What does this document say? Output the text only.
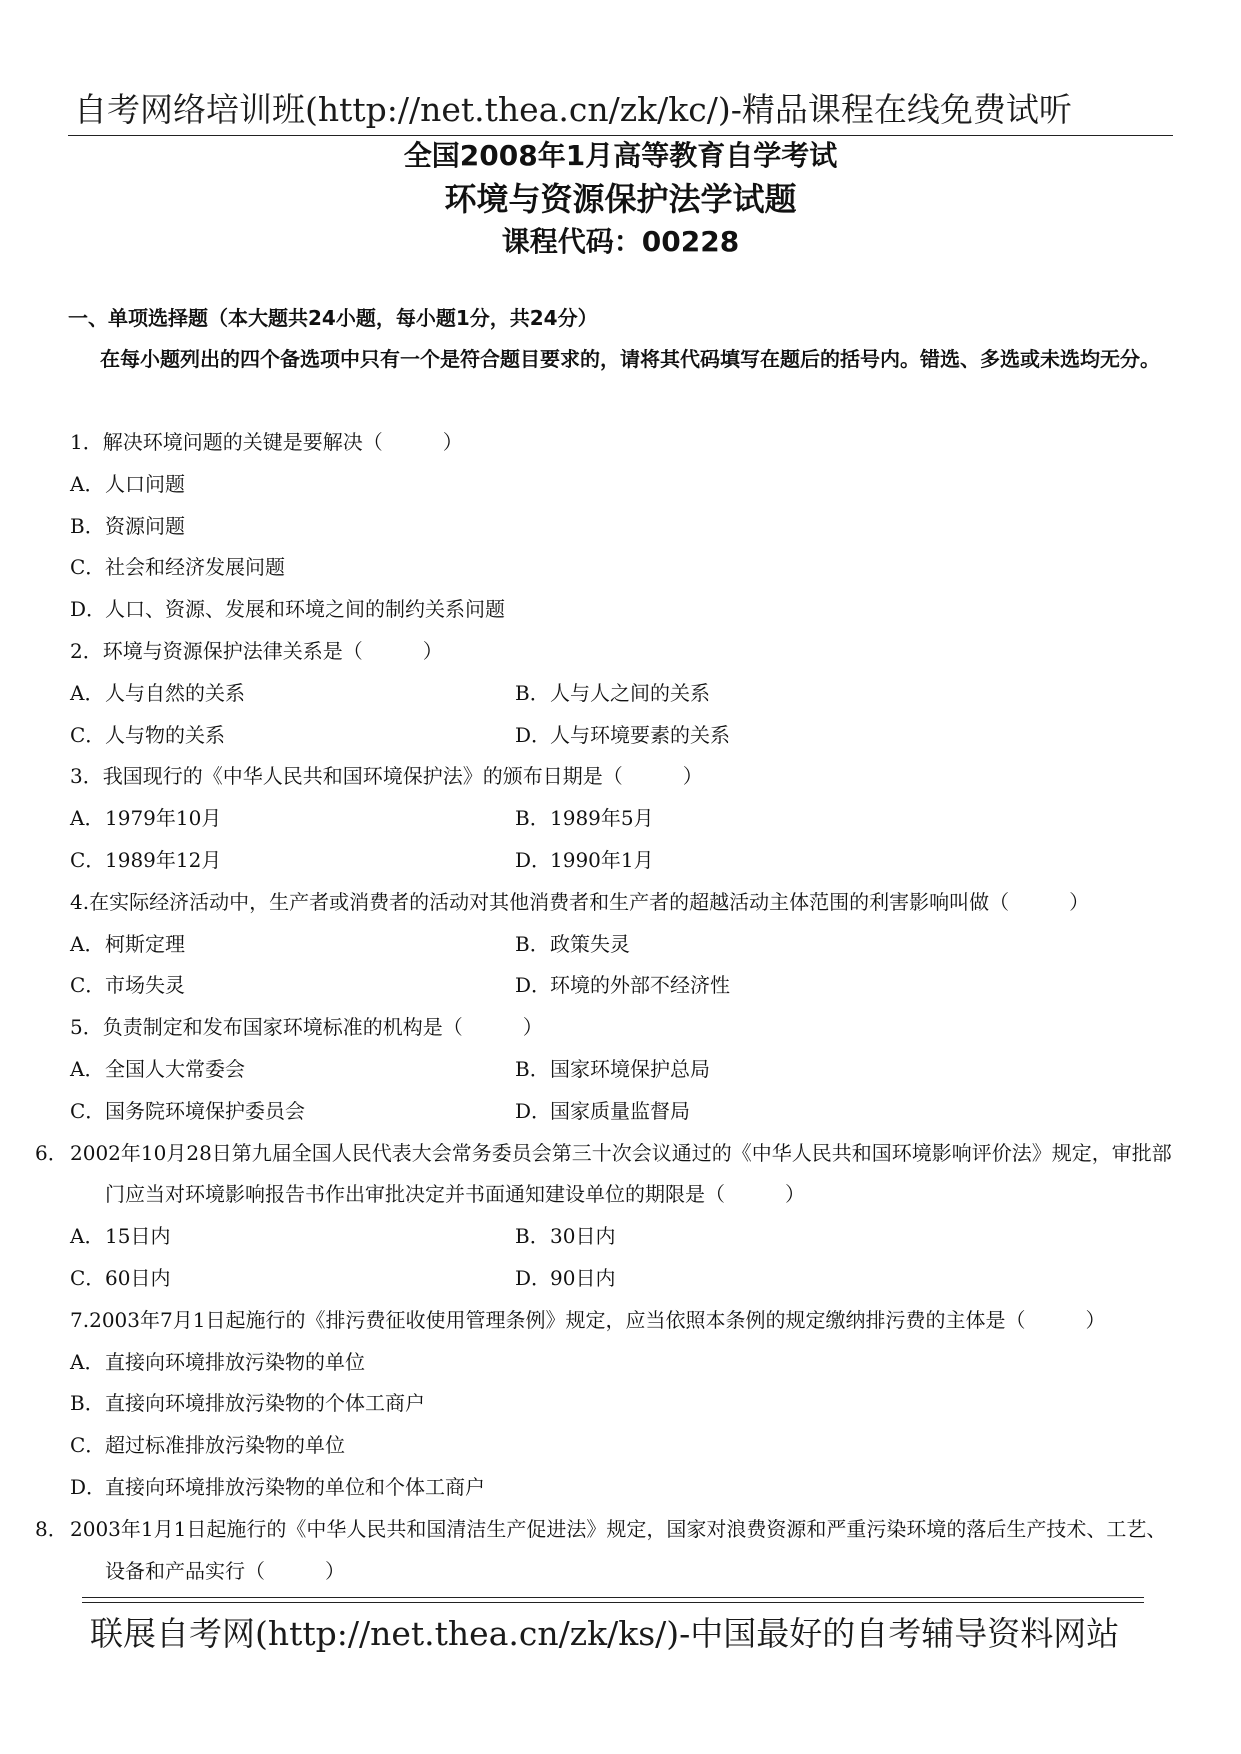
自考网络培训班(http://net.thea.cn/zk/kc/)-精品课程在线免费试听
全国2008年1月高等教育自学考试
环境与资源保护法学试题
课程代码：00228
一、单项选择题（本大题共24小题，每小题1分，共24分）
在每小题列出的四个备选项中只有一个是符合题目要求的，请将其代码填写在题后的括号内。错选、多选或未选均无分。
1．解决环境问题的关键是要解决（　　　）
A．人口问题
B．资源问题
C．社会和经济发展问题
D．人口、资源、发展和环境之间的制约关系问题
2．环境与资源保护法律关系是（　　　）
A．人与自然的关系	B．人与人之间的关系
C．人与物的关系	D．人与环境要素的关系
3．我国现行的《中华人民共和国环境保护法》的颁布日期是（　　　）
A．1979年10月	B．1989年5月
C．1989年12月	D．1990年1月
4.在实际经济活动中，生产者或消费者的活动对其他消费者和生产者的超越活动主体范围的利害影响叫做（　　　）
A．柯斯定理	B．政策失灵
C．市场失灵	D．环境的外部不经济性
5．负责制定和发布国家环境标准的机构是（　　　）
A．全国人大常委会	B．国家环境保护总局
C．国务院环境保护委员会	D．国家质量监督局
6． 2002年10月28日第九届全国人民代表大会常务委员会第三十次会议通过的《中华人民共和国环境影响评价法》规定，审批部门应当对环境影响报告书作出审批决定并书面通知建设单位的期限是（　　　）
A．15日内	B．30日内
C．60日内	D．90日内
7.2003年7月1日起施行的《排污费征收使用管理条例》规定，应当依照本条例的规定缴纳排污费的主体是（　　　）
A．直接向环境排放污染物的单位
B．直接向环境排放污染物的个体工商户
C．超过标准排放污染物的单位
D．直接向环境排放污染物的单位和个体工商户
8． 2003年1月1日起施行的《中华人民共和国清洁生产促进法》规定，国家对浪费资源和严重污染环境的落后生产技术、工艺、设备和产品实行（　　　）
联展自考网(http://net.thea.cn/zk/ks/)-中国最好的自考辅导资料网站
